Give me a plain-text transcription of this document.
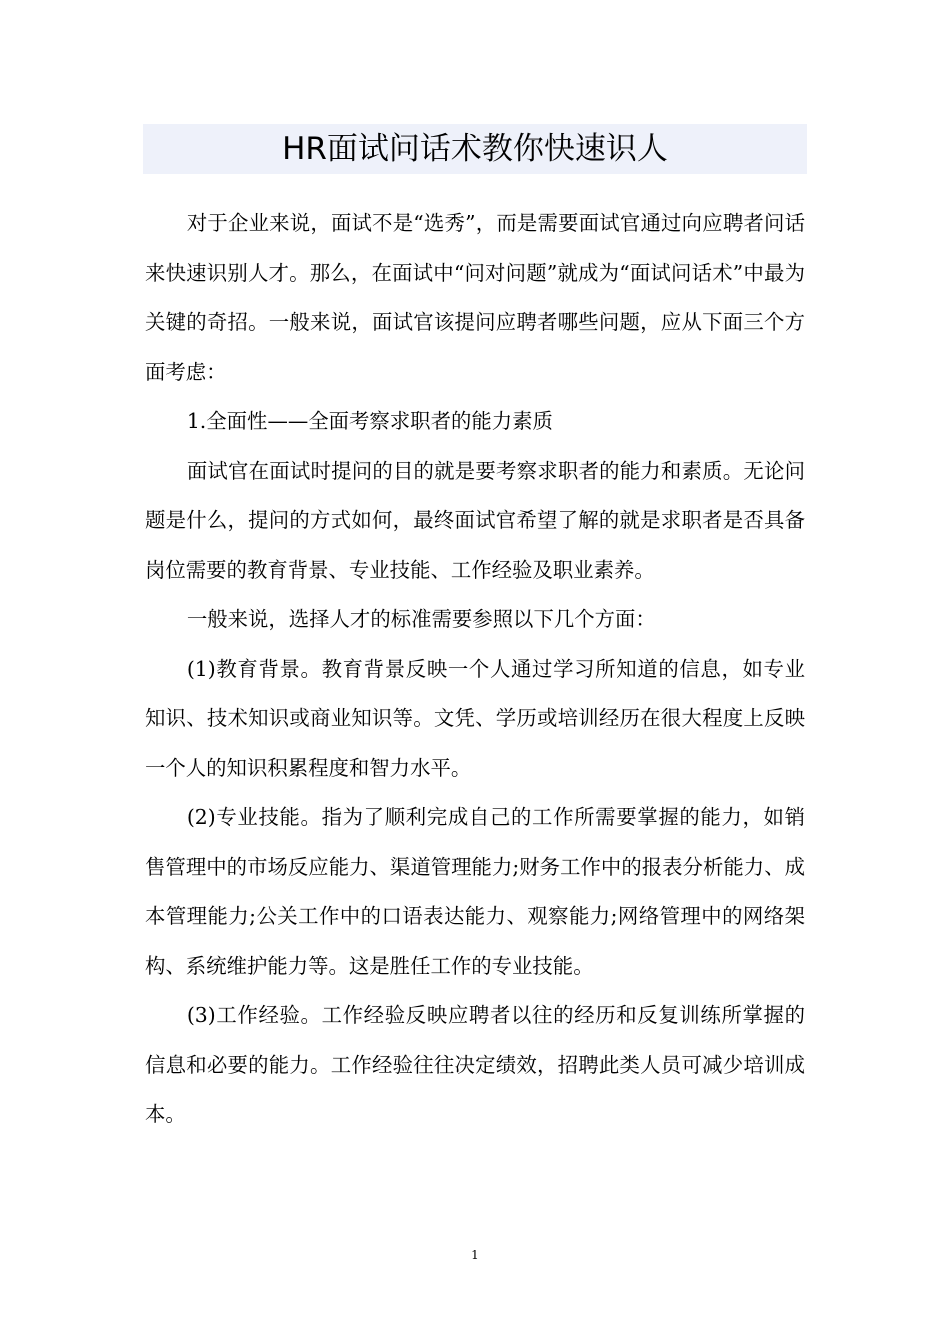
HR面试问话术教你快速识人

对于企业来说，面试不是“选秀”，而是需要面试官通过向应聘者问话来快速识别人才。那么，在面试中“问对问题”就成为“面试问话术”中最为关键的奇招。一般来说，面试官该提问应聘者哪些问题，应从下面三个方面考虑：

1.全面性——全面考察求职者的能力素质

面试官在面试时提问的目的就是要考察求职者的能力和素质。无论问题是什么，提问的方式如何，最终面试官希望了解的就是求职者是否具备岗位需要的教育背景、专业技能、工作经验及职业素养。

一般来说，选择人才的标准需要参照以下几个方面：

(1)教育背景。教育背景反映一个人通过学习所知道的信息，如专业知识、技术知识或商业知识等。文凭、学历或培训经历在很大程度上反映一个人的知识积累程度和智力水平。

(2)专业技能。指为了顺利完成自己的工作所需要掌握的能力，如销售管理中的市场反应能力、渠道管理能力;财务工作中的报表分析能力、成本管理能力;公关工作中的口语表达能力、观察能力;网络管理中的网络架构、系统维护能力等。这是胜任工作的专业技能。

(3)工作经验。工作经验反映应聘者以往的经历和反复训练所掌握的信息和必要的能力。工作经验往往决定绩效，招聘此类人员可减少培训成本。

1
